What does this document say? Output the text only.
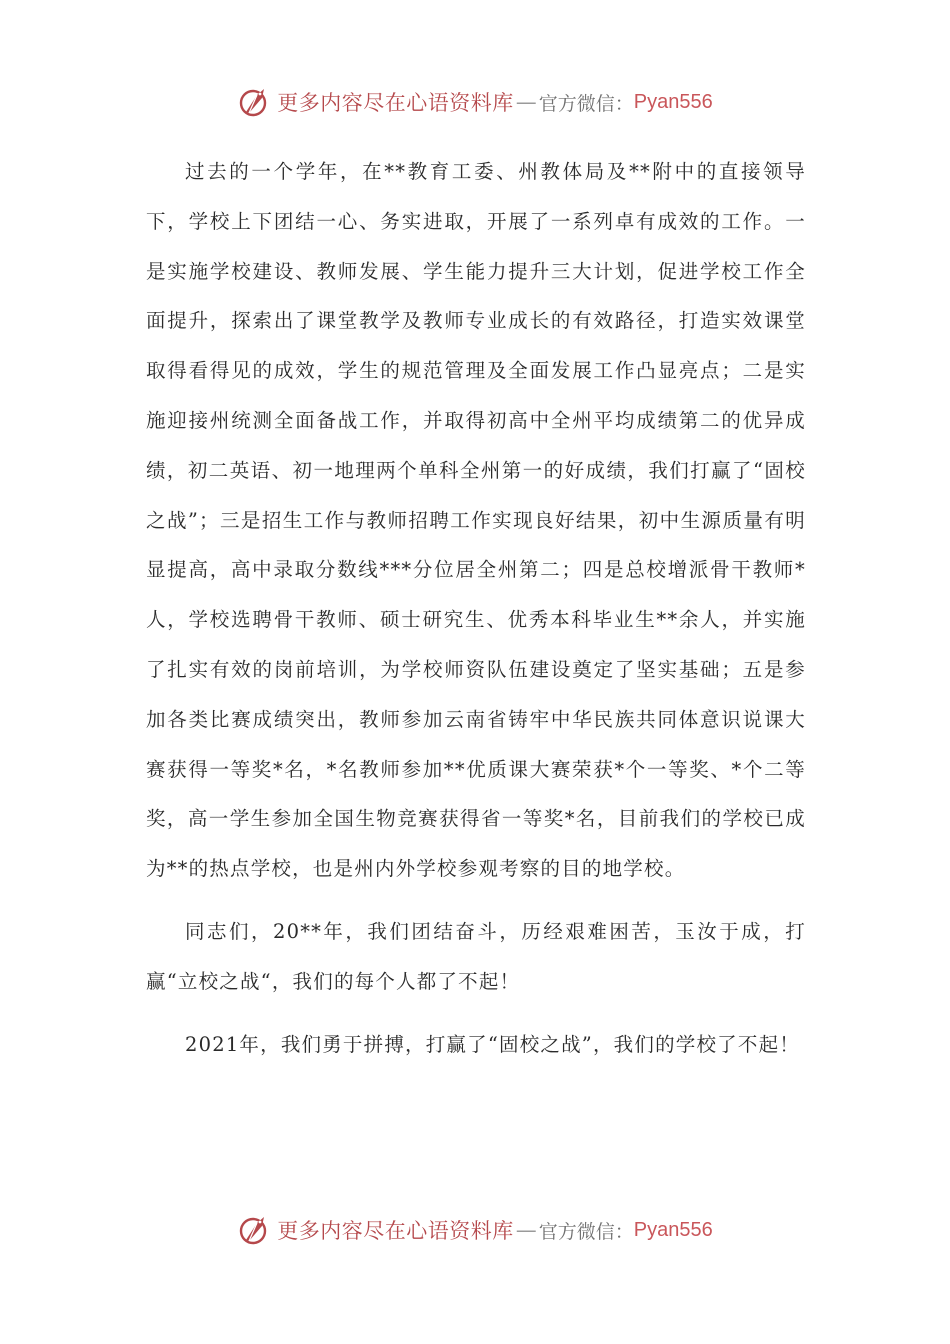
更多内容尽在心语资料库 — 官方微信： Pyan556

过去的一个学年，在**教育工委、州教体局及**附中的直接领导下，学校上下团结一心、务实进取，开展了一系列卓有成效的工作。一是实施学校建设、教师发展、学生能力提升三大计划，促进学校工作全面提升，探索出了课堂教学及教师专业成长的有效路径，打造实效课堂取得看得见的成效，学生的规范管理及全面发展工作凸显亮点；二是实施迎接州统测全面备战工作，并取得初高中全州平均成绩第二的优异成绩，初二英语、初一地理两个单科全州第一的好成绩，我们打赢了“固校之战”；三是招生工作与教师招聘工作实现良好结果，初中生源质量有明显提高，高中录取分数线***分位居全州第二；四是总校增派骨干教师*人，学校选聘骨干教师、硕士研究生、优秀本科毕业生**余人，并实施了扎实有效的岗前培训，为学校师资队伍建设奠定了坚实基础；五是参加各类比赛成绩突出，教师参加云南省铸牢中华民族共同体意识说课大赛获得一等奖*名，*名教师参加**优质课大赛荣获*个一等奖、*个二等奖，高一学生参加全国生物竞赛获得省一等奖*名，目前我们的学校已成为**的热点学校，也是州内外学校参观考察的目的地学校。

同志们，20**年，我们团结奋斗，历经艰难困苦，玉汝于成，打赢“立校之战“，我们的每个人都了不起！

2021年，我们勇于拼搏，打赢了“固校之战”，我们的学校了不起！

更多内容尽在心语资料库 — 官方微信： Pyan556
